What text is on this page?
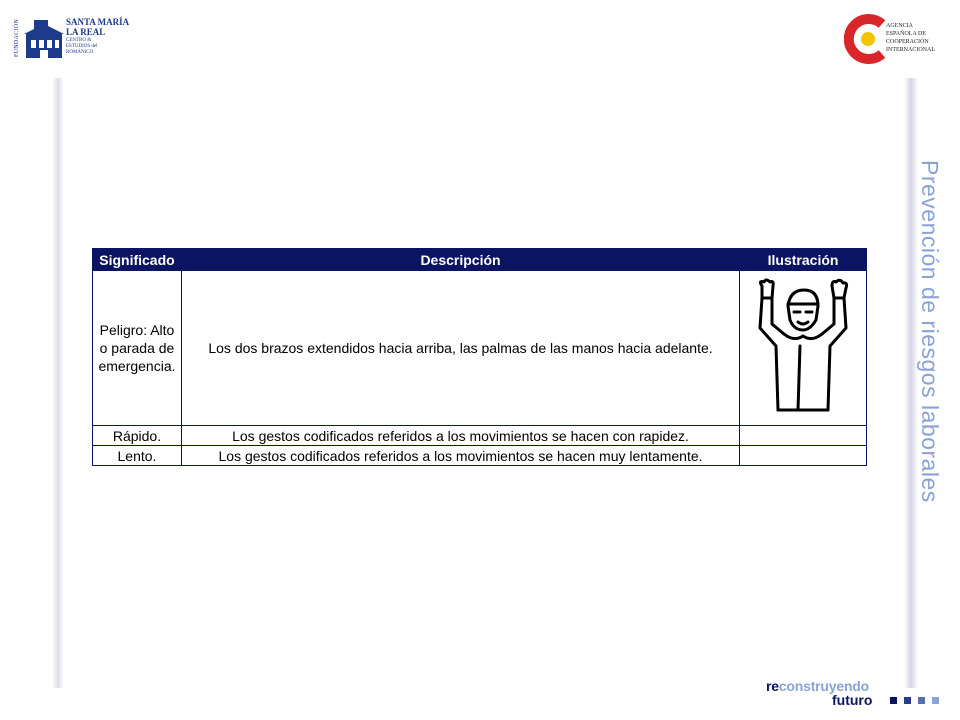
FUNDACIÓN	SANTA MARÍA
LA REAL
CENTRO &
ESTUDIOS del
ROMÁNICO
AGENCIA
ESPAÑOLA DE
COOPERACIÓN
INTERNACIONAL
Prevención de riesgos laborales
Significado	Descripción	Ilustración
Peligro: Alto o parada de emergencia.	Los dos brazos extendidos hacia arriba, las palmas de las manos hacia adelante.	
Rápido.	Los gestos codificados referidos a los movimientos se hacen con rapidez.	
Lento.	Los gestos codificados referidos a los movimientos se hacen muy lentamente.	
reconstruyendo
futuro
